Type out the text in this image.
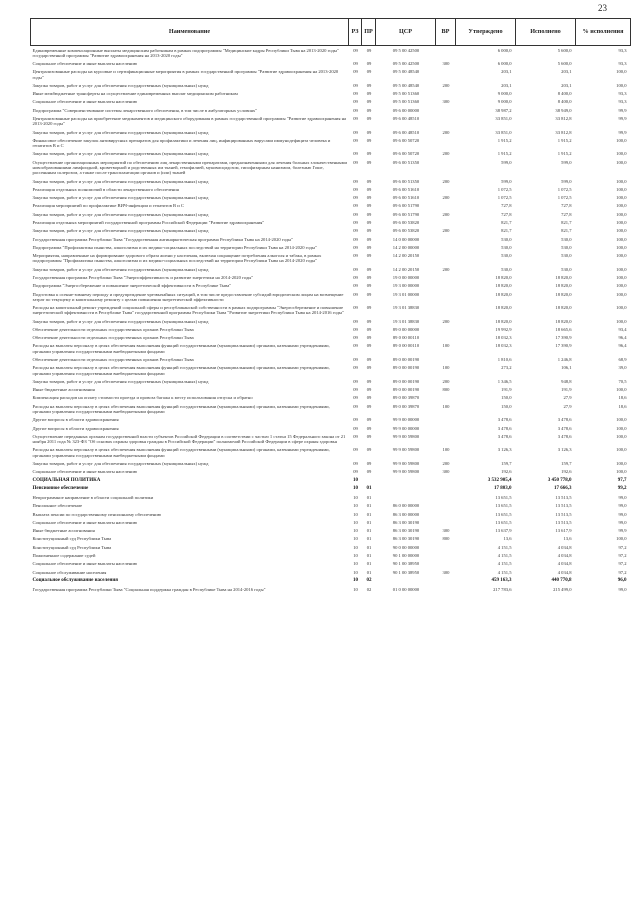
23
Наименование	РЗ	ПР	ЦСР	ВР	Утверждено	Исполнено	% исполнения
Единовременные компенсационные выплаты медицинским работникам в рамках подпрограммы "Медицинские кадры Республики Тыва на 2013-2020 годы" государственной программы "Развитие здравоохранения на 2013-2020 годы"	09	09	09 5 00 42500		6 000,0	5 600,0	93,3
Социальное обеспечение и иные выплаты населению	09	09	09 5 00 42500	300	6 000,0	5 600,0	93,3
Централизованные расходы на курсовые и сертификационные мероприятия в рамках государственной программы "Развитие здравоохранения на 2013-2020 годы"	09	09	09 5 00 48540		203,1	203,1	100,0
Закупка товаров, работ и услуг для обеспечения государственных (муниципальных) нужд	09	09	09 5 00 48540	200	203,1	203,1	100,0
Иные межбюджетные трансферты на осуществление единовременных выплат медицинским работникам	09	09	09 5 00 51360		9 000,0	8 400,0	93,3
Социальное обеспечение и иные выплаты населению	09	09	09 5 00 51360	300	9 000,0	8 400,0	93,3
Подпрограмма "Совершенствование системы лекарственного обеспечения, в том числе в амбулаторных условиях"	09	09	09 6 00 00000		38 987,2	38 949,0	99,9
Централизованные расходы на приобретение медикаментов и медицинского оборудования в рамках государственной программы "Развитие здравоохранения на 2013-2020 годы"	09	09	09 6 00 48510		33 851,0	33 812,8	99,9
Закупка товаров, работ и услуг для обеспечения государственных (муниципальных) нужд	09	09	09 6 00 48510	200	33 851,0	33 812,8	99,9
Финансовое обеспечение закупок антивирусных препаратов для профилактики и лечения лиц, инфицированных вирусами иммунодефицита человека и гепатитов В и С	09	09	09 6 00 50720		1 915,2	1 915,2	100,0
Закупка товаров, работ и услуг для обеспечения государственных (муниципальных) нужд	09	09	09 6 00 50720	200	1 915,2	1 915,2	100,0
Осуществление организационных мероприятий по обеспечению лиц лекарственными препаратами, предназначенными для лечения больных злокачественными новообразованиями лимфоидной, кроветворной и родственных им тканей, гемофилией, муковисцидозом, гипофизарным нанизмом, болезнью Гоше, рассеянным склерозом, а также после трансплантации органов и (или) тканей	09	09	09 6 00 51350		599,0	599,0	100,0
Закупка товаров, работ и услуг для обеспечения государственных (муниципальных) нужд	09	09	09 6 00 51350	200	599,0	599,0	100,0
Реализация отдельных полномочий в области лекарственного обеспечения	09	09	09 6 00 51610		1 072,5	1 072,5	100,0
Закупка товаров, работ и услуг для обеспечения государственных (муниципальных) нужд	09	09	09 6 00 51610	200	1 072,5	1 072,5	100,0
Реализация мероприятий по профилактике ВИЧ-инфекции и гепатитов В и С	09	09	09 6 00 51790		727,8	727,8	100,0
Закупка товаров, работ и услуг для обеспечения государственных (муниципальных) нужд	09	09	09 6 00 51790	200	727,8	727,8	100,0
Реализация отдельных мероприятий государственной программы Российской Федерации "Развитие здравоохранения"	09	09	09 6 00 53820		821,7	821,7	100,0
Закупка товаров, работ и услуг для обеспечения государственных (муниципальных) нужд	09	09	09 6 00 53820	200	821,7	821,7	100,0
Государственная программа Республики Тыва "Государственная антинаркотическая программа Республики Тыва на 2014-2020 годы"	09	09	14 0 00 00000		530,0	530,0	100,0
Подпрограмма "Профилактика пьянства, алкоголизма и их медико-социальных последствий на территории Республики Тыва на 2014-2020 годы"	09	09	14 2 00 00000		530,0	530,0	100,0
Мероприятия, направленные на формирование здорового образа жизни у населения, включая сокращение потребления алкоголя и табака, в рамках подпрограммы "Профилактика пьянства, алкоголизма и их медико-социальных последствий на территории Республики Тыва на 2014-2020 годы"	09	09	14 2 00 20150		530,0	530,0	100,0
Закупка товаров, работ и услуг для обеспечения государственных (муниципальных) нужд	09	09	14 2 00 20150	200	530,0	530,0	100,0
Государственная программа Республики Тыва "Энергоэффективность и развитие энергетики на 2014-2020 годы"	09	09	19 0 00 00000		18 820,0	18 820,0	100,0
Подпрограмма "Энергосбережение и повышение энергетической эффективности в Республике Тыва"	09	09	19 3 00 00000		18 820,0	18 820,0	100,0
Подготовка к осенне-зимнему периоду и предупреждение чрезвычайных ситуаций, в том числе предоставление субсидий юридическим лицам на возмещение затрат по текущему и капитальному ремонту с целью повышения энергетической эффективности	09	09	19 3 01 00000		18 820,0	18 820,0	100,0
Расходы на капитальный ремонт учреждений социальной сферы и республиканской собственности в рамках подпрограммы "Энергосбережение и повышение энергетической эффективности в Республике Тыва" государственной программы Республики Тыва "Развитие энергетики Республики Тыва на 2014-2016 годы"	09	09	19 3 01 38830		18 820,0	18 820,0	100,0
Закупка товаров, работ и услуг для обеспечения государственных (муниципальных) нужд	09	09	19 3 01 38830	200	18 820,0	18 820,0	100,0
Обеспечение деятельности отдельных государственных органов Республики Тыва	09	09	89 0 00 00000		19 992,9	18 665,6	93,4
Обеспечение деятельности отдельных государственных органов Республики Тыва	09	09	89 0 00 00110		18 032,3	17 390,9	96,4
Расходы на выплаты персоналу в целях обеспечения выполнения функций государственными (муниципальными) органами, казенными учреждениями, органами управления государственными внебюджетными фондами	09	09	89 0 00 00110	100	18 032,3	17 390,9	96,4
Обеспечение деятельности отдельных государственных органов Республики Тыва	09	09	89 0 00 00190		1 810,6	1 246,8	68,9
Расходы на выплаты персоналу в целях обеспечения выполнения функций государственными (муниципальными) органами, казенными учреждениями, органами управления государственными внебюджетными фондами	09	09	89 0 00 00190	100	273,2	106,1	39,0
Закупка товаров, работ и услуг для обеспечения государственных (муниципальных) нужд	09	09	89 0 00 00190	200	1 346,5	948,8	70,5
Иные бюджетные ассигнования	09	09	89 0 00 00190	800	191,9	191,9	100,0
Компенсация расходов на оплату стоимости проезда и провоза багажа к месту использования отпуска и обратно	09	09	89 0 00 39870		150,0	27,9	18,6
Расходы на выплаты персоналу в целях обеспечения выполнения функций государственными (муниципальными) органами, казенными учреждениями, органами управления государственными внебюджетными фондами	09	09	89 0 00 39870	100	150,0	27,9	18,6
Другие вопросы в области здравоохранения	09	09	99 9 00 00000		3 478,6	3 478,6	100,0
Другие вопросы в области здравоохранения	09	09	99 9 00 00000		3 478,6	3 478,6	100,0
Осуществление переданных органам государственной власти субъектов Российской Федерации в соответствии с частью 1 статьи 15 Федерального закона от 21 ноября 2011 года № 323-ФЗ "Об основах охраны здоровья граждан в Российской Федерации" полномочий Российской Федерации в сфере охраны здоровья	09	09	99 9 00 59800		3 478,6	3 478,6	100,0
Расходы на выплаты персоналу в целях обеспечения выполнения функций государственными (муниципальными) органами, казенными учреждениями, органами управления государственными внебюджетными фондами	09	09	99 9 00 59800	100	3 126,3	3 126,3	100,0
Закупка товаров, работ и услуг для обеспечения государственных (муниципальных) нужд	09	09	99 9 00 59800	200	159,7	159,7	100,0
Социальное обеспечение и иные выплаты населению	09	09	99 9 00 59800	300	192,6	192,6	100,0
СОЦИАЛЬНАЯ ПОЛИТИКА	10				3 532 905,4	3 450 778,0	97,7
Пенсионное обеспечение	10	01			17 803,0	17 666,3	99,2
Непрограммное направление в области социальной политики	10	01			13 651,5	13 513,5	99,0
Пенсионное обеспечение	10	01	86 0 00 00000		13 651,5	13 513,5	99,0
Выплата пенсии по государственному пенсионному обеспечению	10	01	86 3 00 00000		13 651,5	13 513,5	99,0
Социальное обеспечение и иные выплаты населению	10	01	86 3 00 30190		13 651,5	13 513,5	99,0
Иные бюджетные ассигнования	10	01	86 3 00 30190	300	13 637,9	13 617,9	99,9
Конституционный суд Республики Тыва	10	01	86 3 00 30190	800	13,6	13,6	100,0
Конституционный суд Республики Тыва	10	01	90 0 00 00000		4 151,5	4 034,8	97,2
Пожизненное содержание судей	10	01	90 1 00 00000		4 151,5	4 034,8	97,2
Социальное обеспечение и иные выплаты населению	10	01	90 1 00 38950		4 151,5	4 034,8	97,2
Социальное обслуживание населения	10	01	90 1 00 38950	300	4 151,5	4 034,8	97,2
Социальное обслуживание населения	10	02			459 163,3	440 770,8	96,0
Государственная программа Республики Тыва "Социальная поддержка граждан в Республике Тыва на 2014-2016 годы"	10	02	01 0 00 00000		217 783,6	215 499,0	99,0
